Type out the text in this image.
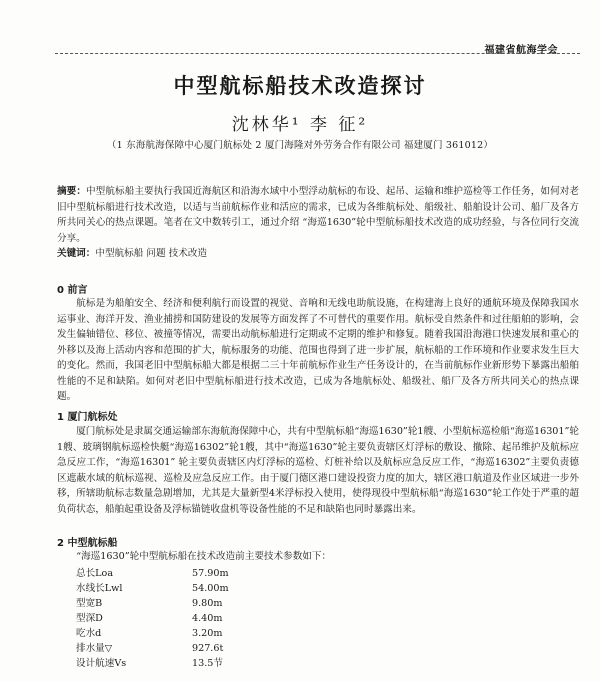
福建省航海学会
中型航标船技术改造探讨
沈林华¹ 李 征²
（1 东海航海保障中心厦门航标处 2 厦门海隆对外劳务合作有限公司 福建厦门 361012）
摘要：中型航标船主要执行我国近海航区和沿海水域中小型浮动航标的布设、起吊、运输和维护巡检等工作任务，如何对老旧中型航标船进行技术改造，以适与当前航标作业和活应的需求，已成为各维航标处、船级社、船舶设计公司、船厂及各方所共同关心的热点课题。笔者在文中数转引工，通过介绍 “海巡1630”轮中型航标船技术改造的成功经验，与各位同行交流分享。
关键词：中型航标船 问题 技术改造
0 前言
航标是为船舶安全、经济和便利航行而设置的视觉、音响和无线电助航设施，在构建海上良好的通航环境及保障我国水运事业、海洋开发、渔业捕捞和国防建设的发展等方面发挥了不可替代的重要作用。航标受自然条件和过往船舶的影响，会发生偏轴错位、移位、被撞等情况，需要出动航标船进行定期或不定期的维护和修复。随着我国沿海港口快速发展和重心的外移以及海上活动内容和范围的扩大，航标服务的功能、范围也得到了进一步扩展，航标船的工作环境和作业要求发生巨大的变化。然而，我国老旧中型航标船大都是根据二三十年前航标作业生产任务设计的，在当前航标作业新形势下暴露出船舶性能的不足和缺陷。如何对老旧中型航标船进行技术改造，已成为各地航标处、船级社、船厂及各方所共同关心的热点课题。
1 厦门航标处
厦门航标处是隶属交通运输部东海航海保障中心，共有中型航标船“海巡1630”轮1艘、小型航标巡检船“海巡16301”轮1艘、玻璃钢航标巡检快艇“海巡16302”轮1艘，其中“海巡1630”轮主要负责辖区灯浮标的敷设、撤除、起吊维护及航标应急反应工作，“海巡16301” 轮主要负责辖区内灯浮标的巡检、灯桩补给以及航标应急反应工作，“海巡16302”主要负责德区遮蔽水域的航标巡视、巡检及应急反应工作。由于厦门德区港口建设投资力度的加大，辖区港口航道及作业区域进一步外移，所辖助航标志数量急剧增加，尤其是大量新型4米浮标投入使用，使得现役中型航标船“海巡1630”轮工作处于严重的超负荷状态，船舶起重设备及浮标锚链收盘机等设备性能的不足和缺陷也同时暴露出来。
2 中型航标船
“海巡1630”轮中型航标船在技术改造前主要技术参数如下：
总长Loa	57.90m
水线长Lwl	54.00m
型宽B	9.80m
型深D	4.40m
吃水d	3.20m
排水量▽	927.6t
设计航速Vs	13.5节
